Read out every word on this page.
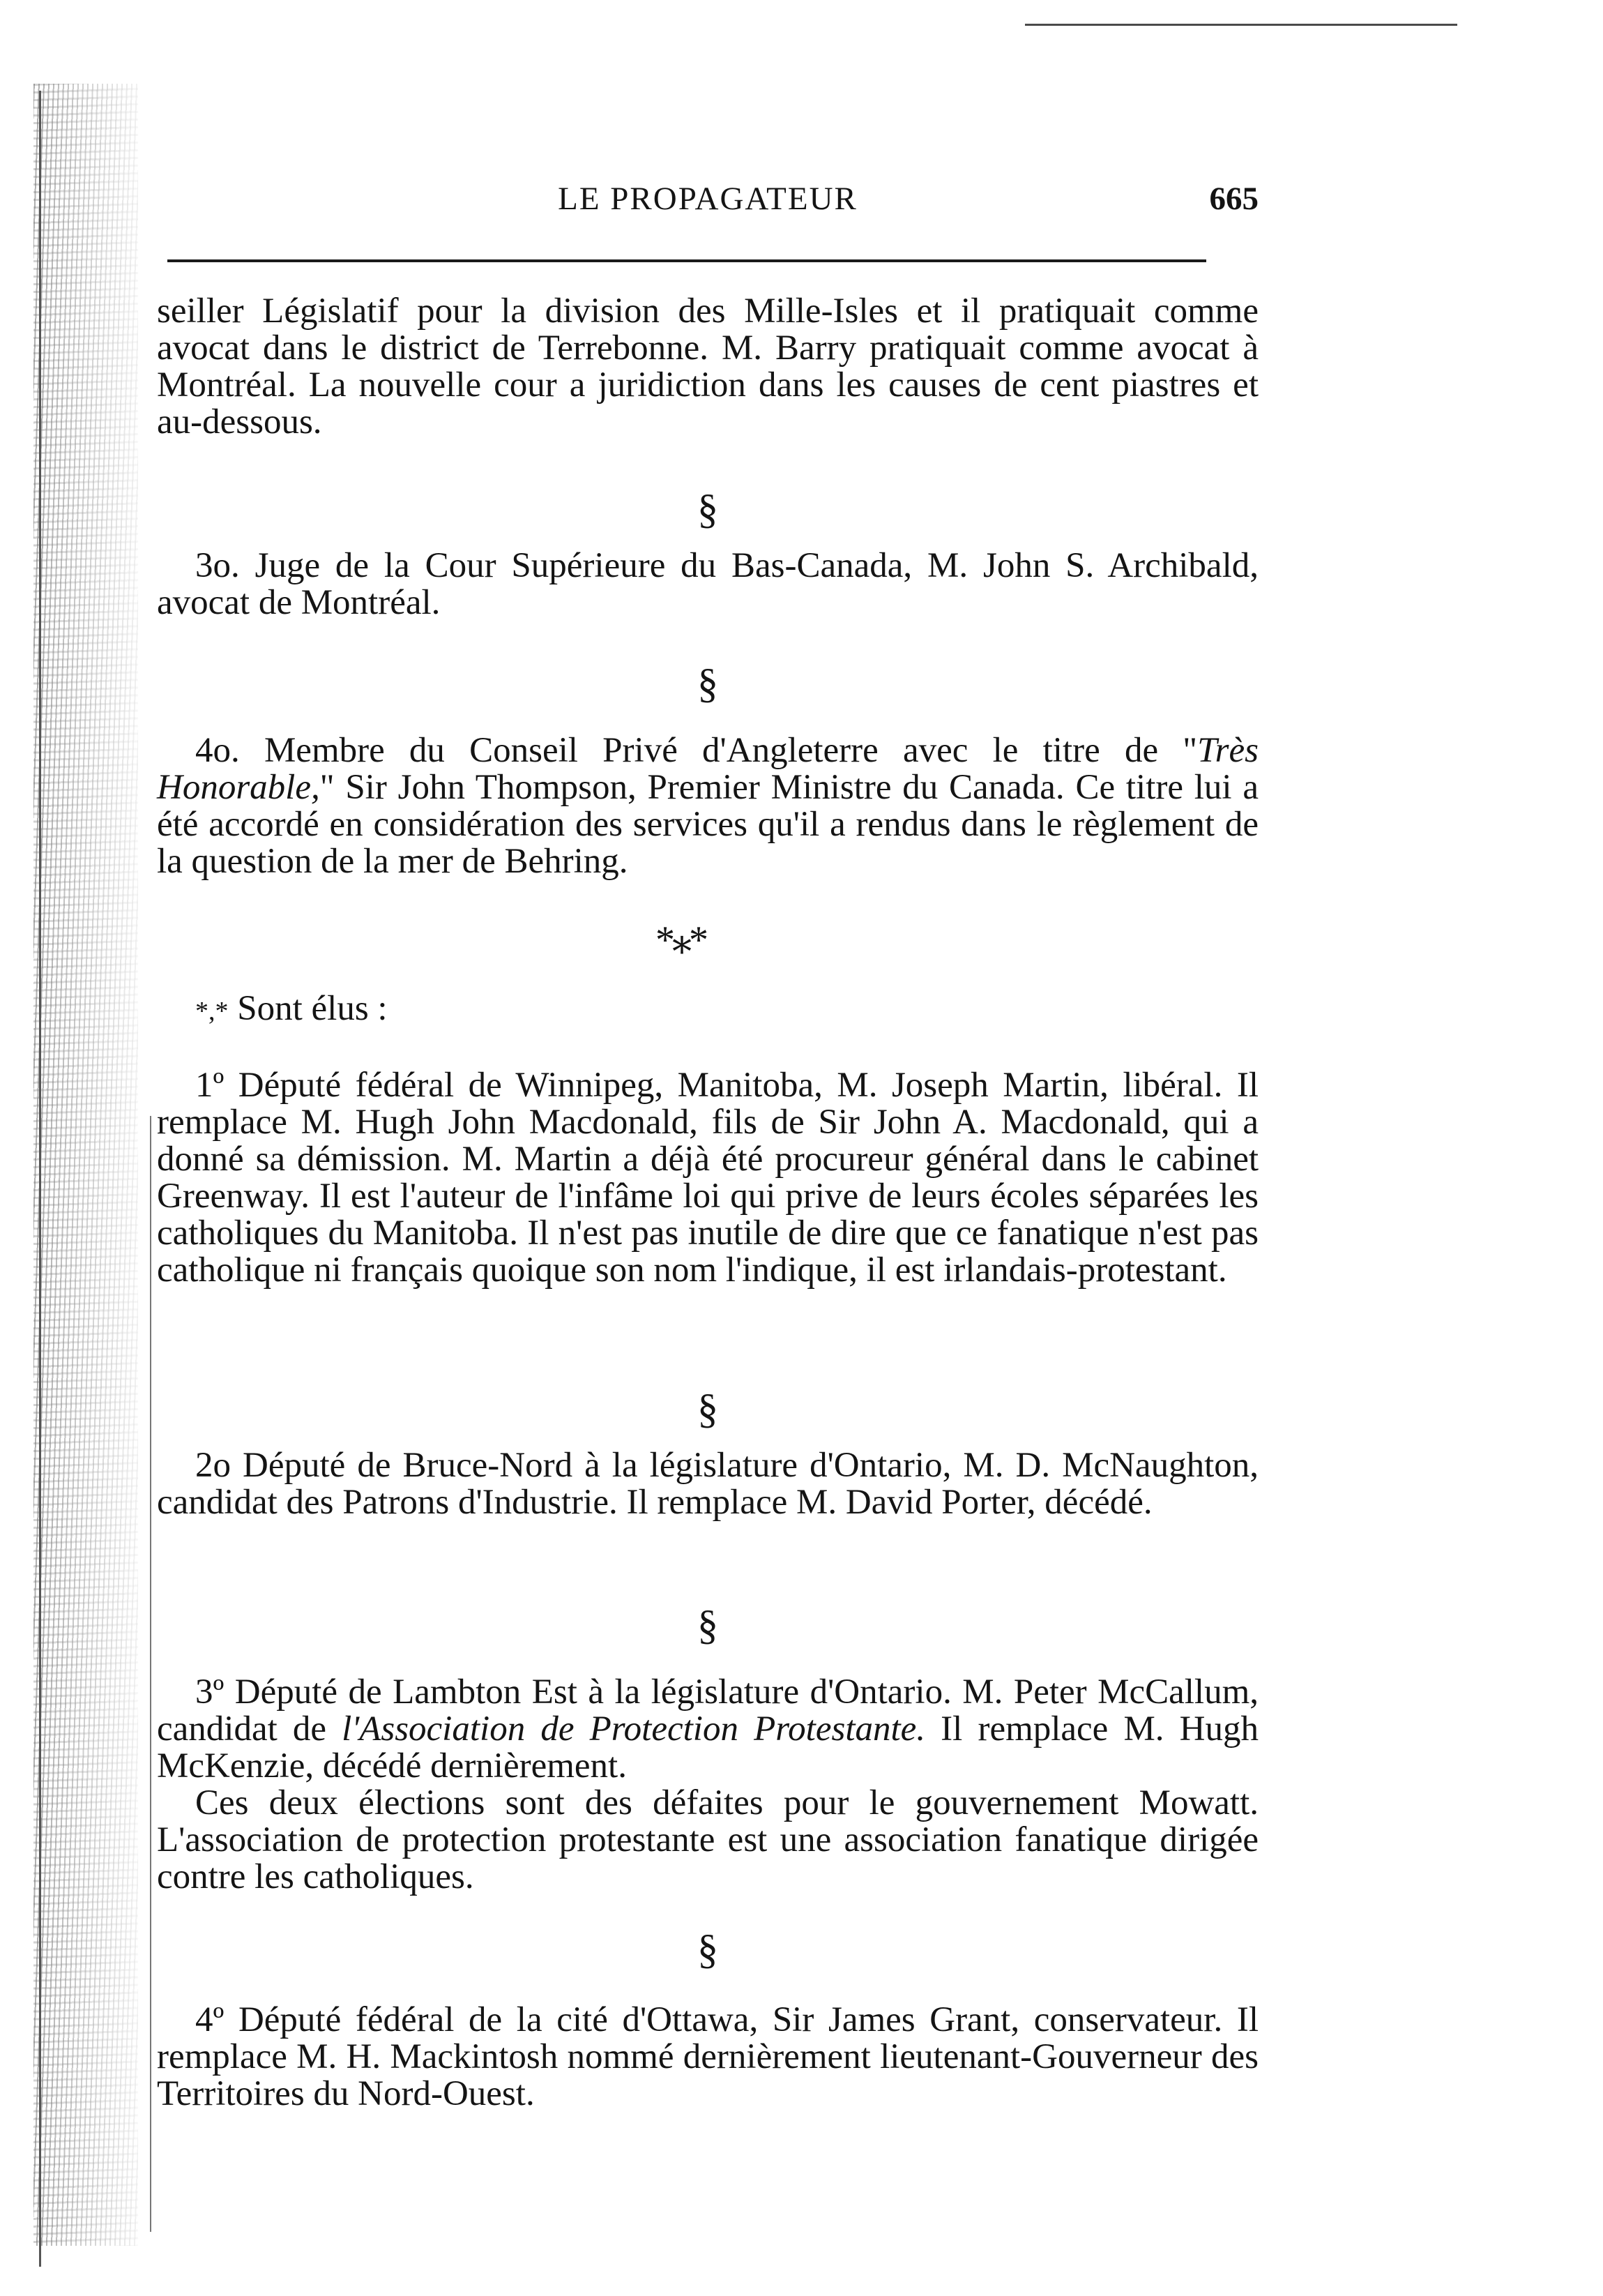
LE PROPAGATEUR	665

seiller Législatif pour la division des Mille-Isles et il pratiquait comme avocat dans le district de Terrebonne. M. Barry pratiquait comme avocat à Montréal. La nouvelle cour a juridiction dans les causes de cent piastres et au-dessous.

§

3o. Juge de la Cour Supérieure du Bas-Canada, M. John S. Archibald, avocat de Montréal.

§

4o. Membre du Conseil Privé d'Angleterre avec le titre de "Très Honorable," Sir John Thompson, Premier Ministre du Canada. Ce titre lui a été accordé en considération des services qu'il a rendus dans le règlement de la question de la mer de Behring.

*⁎*

*,* Sont élus :

1º Député fédéral de Winnipeg, Manitoba, M. Joseph Martin, libéral. Il remplace M. Hugh John Macdonald, fils de Sir John A. Macdonald, qui a donné sa démission. M. Martin a déjà été procureur général dans le cabinet Greenway. Il est l'auteur de l'infâme loi qui prive de leurs écoles séparées les catholiques du Manitoba. Il n'est pas inutile de dire que ce fanatique n'est pas catholique ni français quoique son nom l'indique, il est irlandais-protestant.

§

2o Député de Bruce-Nord à la législature d'Ontario, M. D. McNaughton, candidat des Patrons d'Industrie. Il remplace M. David Porter, décédé.

§

3º Député de Lambton Est à la législature d'Ontario. M. Peter McCallum, candidat de l'Association de Protection Protestante. Il remplace M. Hugh McKenzie, décédé dernièrement.

Ces deux élections sont des défaites pour le gouvernement Mowatt. L'association de protection protestante est une association fanatique dirigée contre les catholiques.

§

4º Député fédéral de la cité d'Ottawa, Sir James Grant, conservateur. Il remplace M. H. Mackintosh nommé dernièrement lieutenant-Gouverneur des Territoires du Nord-Ouest.
